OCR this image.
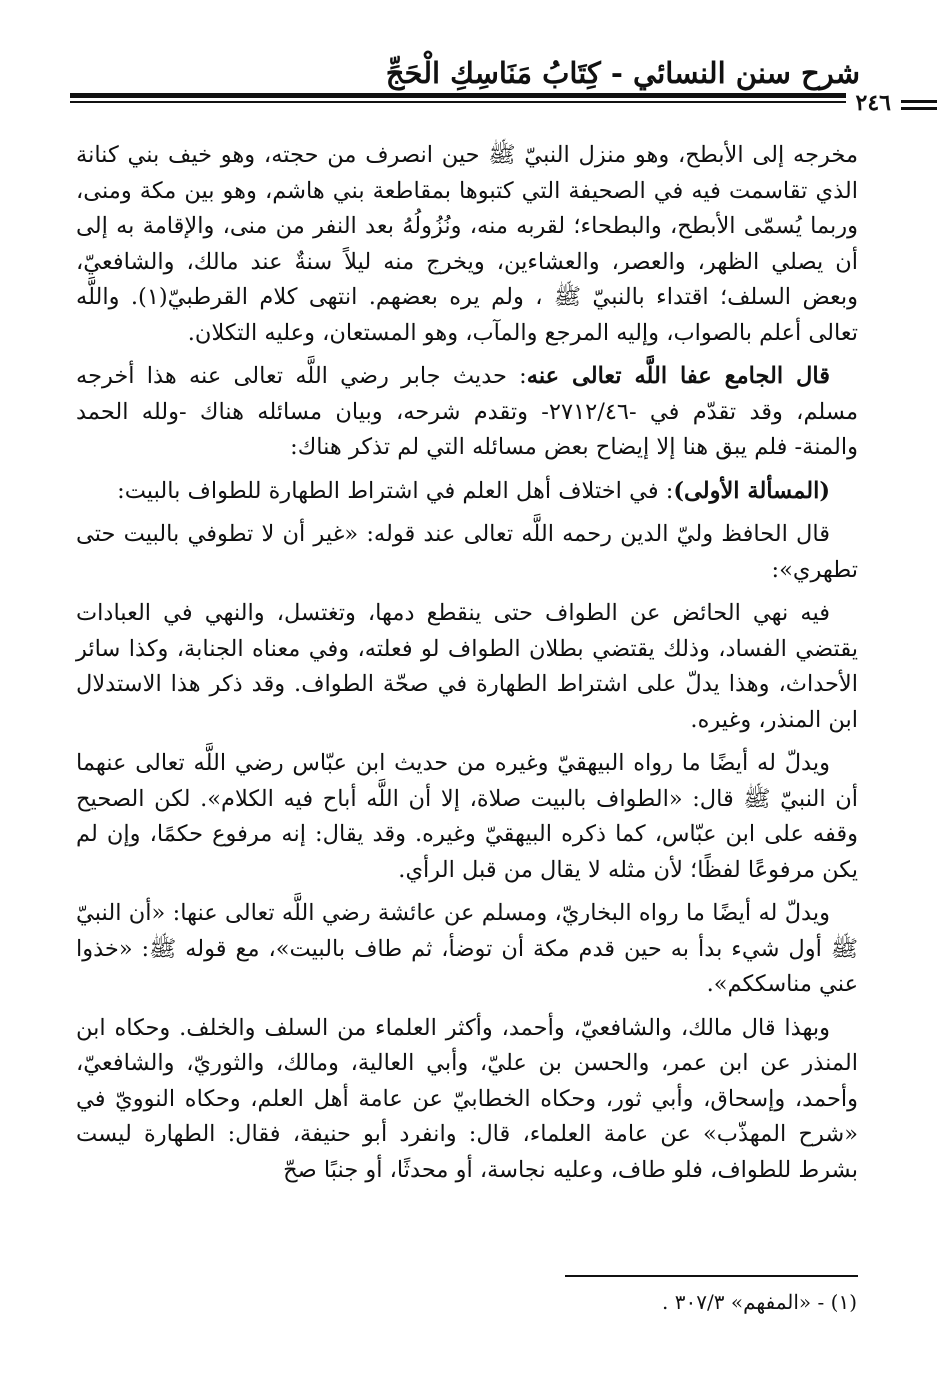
شرح سنن النسائي - كِتَابُ مَنَاسِكِ الْحَجِّ
٢٤٦

مخرجه إلى الأبطح، وهو منزل النبيّ ﷺ حين انصرف من حجته، وهو خيف بني كنانة الذي تقاسمت فيه في الصحيفة التي كتبوها بمقاطعة بني هاشم، وهو بين مكة ومنى، وربما يُسمّى الأبطح، والبطحاء؛ لقربه منه، ونُزُولُهُ بعد النفر من منى، والإقامة به إلى أن يصلي الظهر، والعصر، والعشاءين، ويخرج منه ليلاً سنةٌ عند مالك، والشافعيّ، وبعض السلف؛ اقتداء بالنبيّ ﷺ ، ولم يره بعضهم. انتهى كلام القرطبيّ(١). واللَّه تعالى أعلم بالصواب، وإليه المرجع والمآب، وهو المستعان، وعليه التكلان.

قال الجامع عفا اللَّه تعالى عنه: حديث جابر رضي اللَّه تعالى عنه هذا أخرجه مسلم، وقد تقدّم في -٢٧١٢/٤٦- وتقدم شرحه، وبيان مسائله هناك -ولله الحمد والمنة- فلم يبق هنا إلا إيضاح بعض مسائله التي لم تذكر هناك:

(المسألة الأولى): في اختلاف أهل العلم في اشتراط الطهارة للطواف بالبيت:

قال الحافظ وليّ الدين رحمه اللَّه تعالى عند قوله: «غير أن لا تطوفي بالبيت حتى تطهري»:

فيه نهي الحائض عن الطواف حتى ينقطع دمها، وتغتسل، والنهي في العبادات يقتضي الفساد، وذلك يقتضي بطلان الطواف لو فعلته، وفي معناه الجنابة، وكذا سائر الأحداث، وهذا يدلّ على اشتراط الطهارة في صحّة الطواف. وقد ذكر هذا الاستدلال ابن المنذر، وغيره.

ويدلّ له أيضًا ما رواه البيهقيّ وغيره من حديث ابن عبّاس رضي اللَّه تعالى عنهما أن النبيّ ﷺ قال: «الطواف بالبيت صلاة، إلا أن اللَّه أباح فيه الكلام». لكن الصحيح وقفه على ابن عبّاس، كما ذكره البيهقيّ وغيره. وقد يقال: إنه مرفوع حكمًا، وإن لم يكن مرفوعًا لفظًا؛ لأن مثله لا يقال من قبل الرأي.

ويدلّ له أيضًا ما رواه البخاريّ، ومسلم عن عائشة رضي اللَّه تعالى عنها: «أن النبيّ ﷺ أول شيء بدأ به حين قدم مكة أن توضأ، ثم طاف بالبيت»، مع قوله ﷺ: «خذوا عني مناسككم».

وبهذا قال مالك، والشافعيّ، وأحمد، وأكثر العلماء من السلف والخلف. وحكاه ابن المنذر عن ابن عمر، والحسن بن عليّ، وأبي العالية، ومالك، والثوريّ، والشافعيّ، وأحمد، وإسحاق، وأبي ثور، وحكاه الخطابيّ عن عامة أهل العلم، وحكاه النوويّ في «شرح المهذّب» عن عامة العلماء، قال: وانفرد أبو حنيفة، فقال: الطهارة ليست بشرط للطواف، فلو طاف، وعليه نجاسة، أو محدثًا، أو جنبًا صحّ

(١) - «المفهم» ٣٠٧/٣ .
